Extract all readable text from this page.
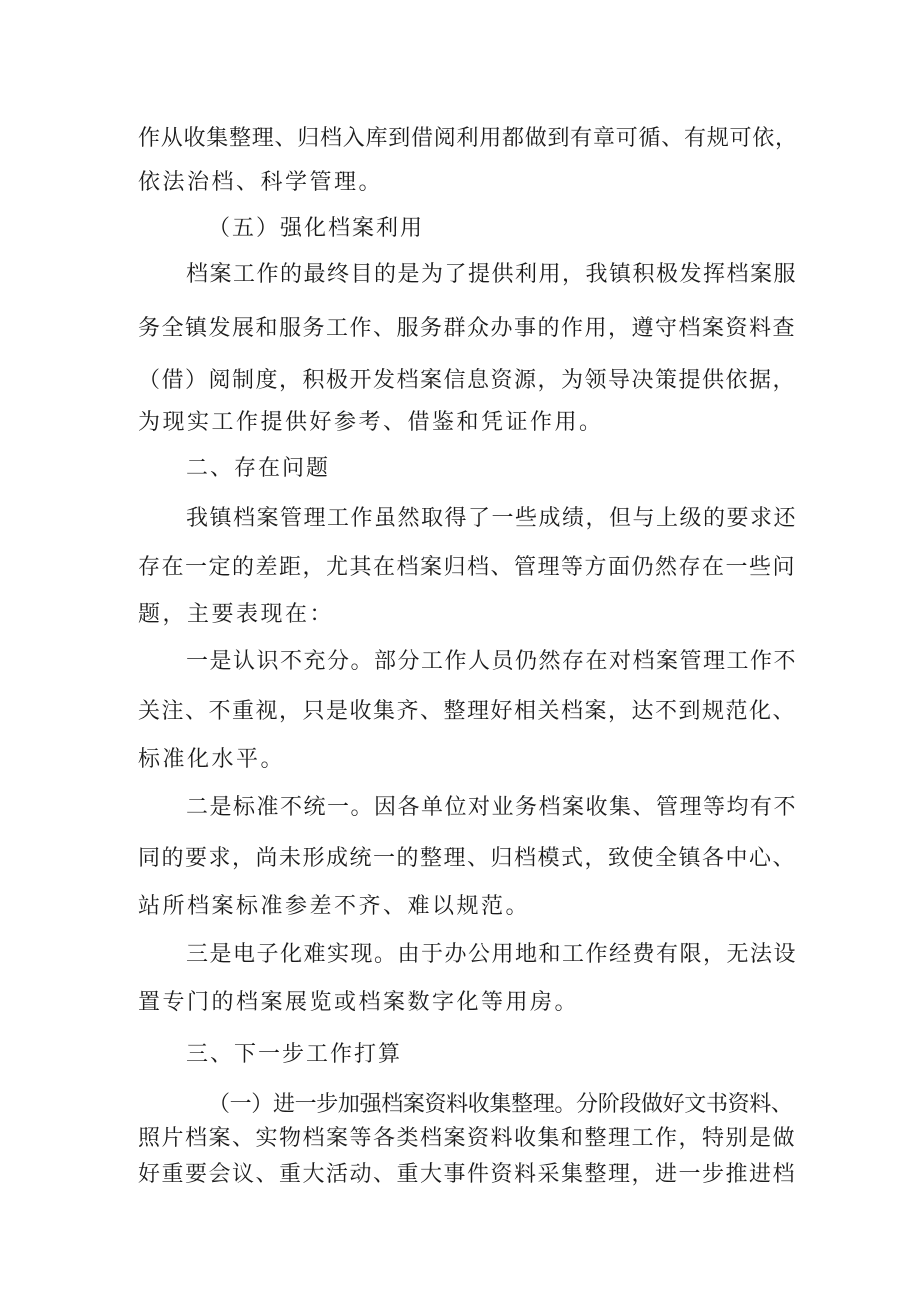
作从收集整理、归档入库到借阅利用都做到有章可循、有规可依，
依法治档、科学管理。
（五）强化档案利用
档案工作的最终目的是为了提供利用，我镇积极发挥档案服
务全镇发展和服务工作、服务群众办事的作用，遵守档案资料查
（借）阅制度，积极开发档案信息资源，为领导决策提供依据，
为现实工作提供好参考、借鉴和凭证作用。
二、存在问题
我镇档案管理工作虽然取得了一些成绩，但与上级的要求还
存在一定的差距，尤其在档案归档、管理等方面仍然存在一些问
题，主要表现在：
一是认识不充分。部分工作人员仍然存在对档案管理工作不
关注、不重视，只是收集齐、整理好相关档案，达不到规范化、
标准化水平。
二是标准不统一。因各单位对业务档案收集、管理等均有不
同的要求，尚未形成统一的整理、归档模式，致使全镇各中心、
站所档案标准参差不齐、难以规范。
三是电子化难实现。由于办公用地和工作经费有限，无法设
置专门的档案展览或档案数字化等用房。
三、下一步工作打算
（一）进一步加强档案资料收集整理。分阶段做好文书资料、
照片档案、实物档案等各类档案资料收集和整理工作，特别是做
好重要会议、重大活动、重大事件资料采集整理，进一步推进档
